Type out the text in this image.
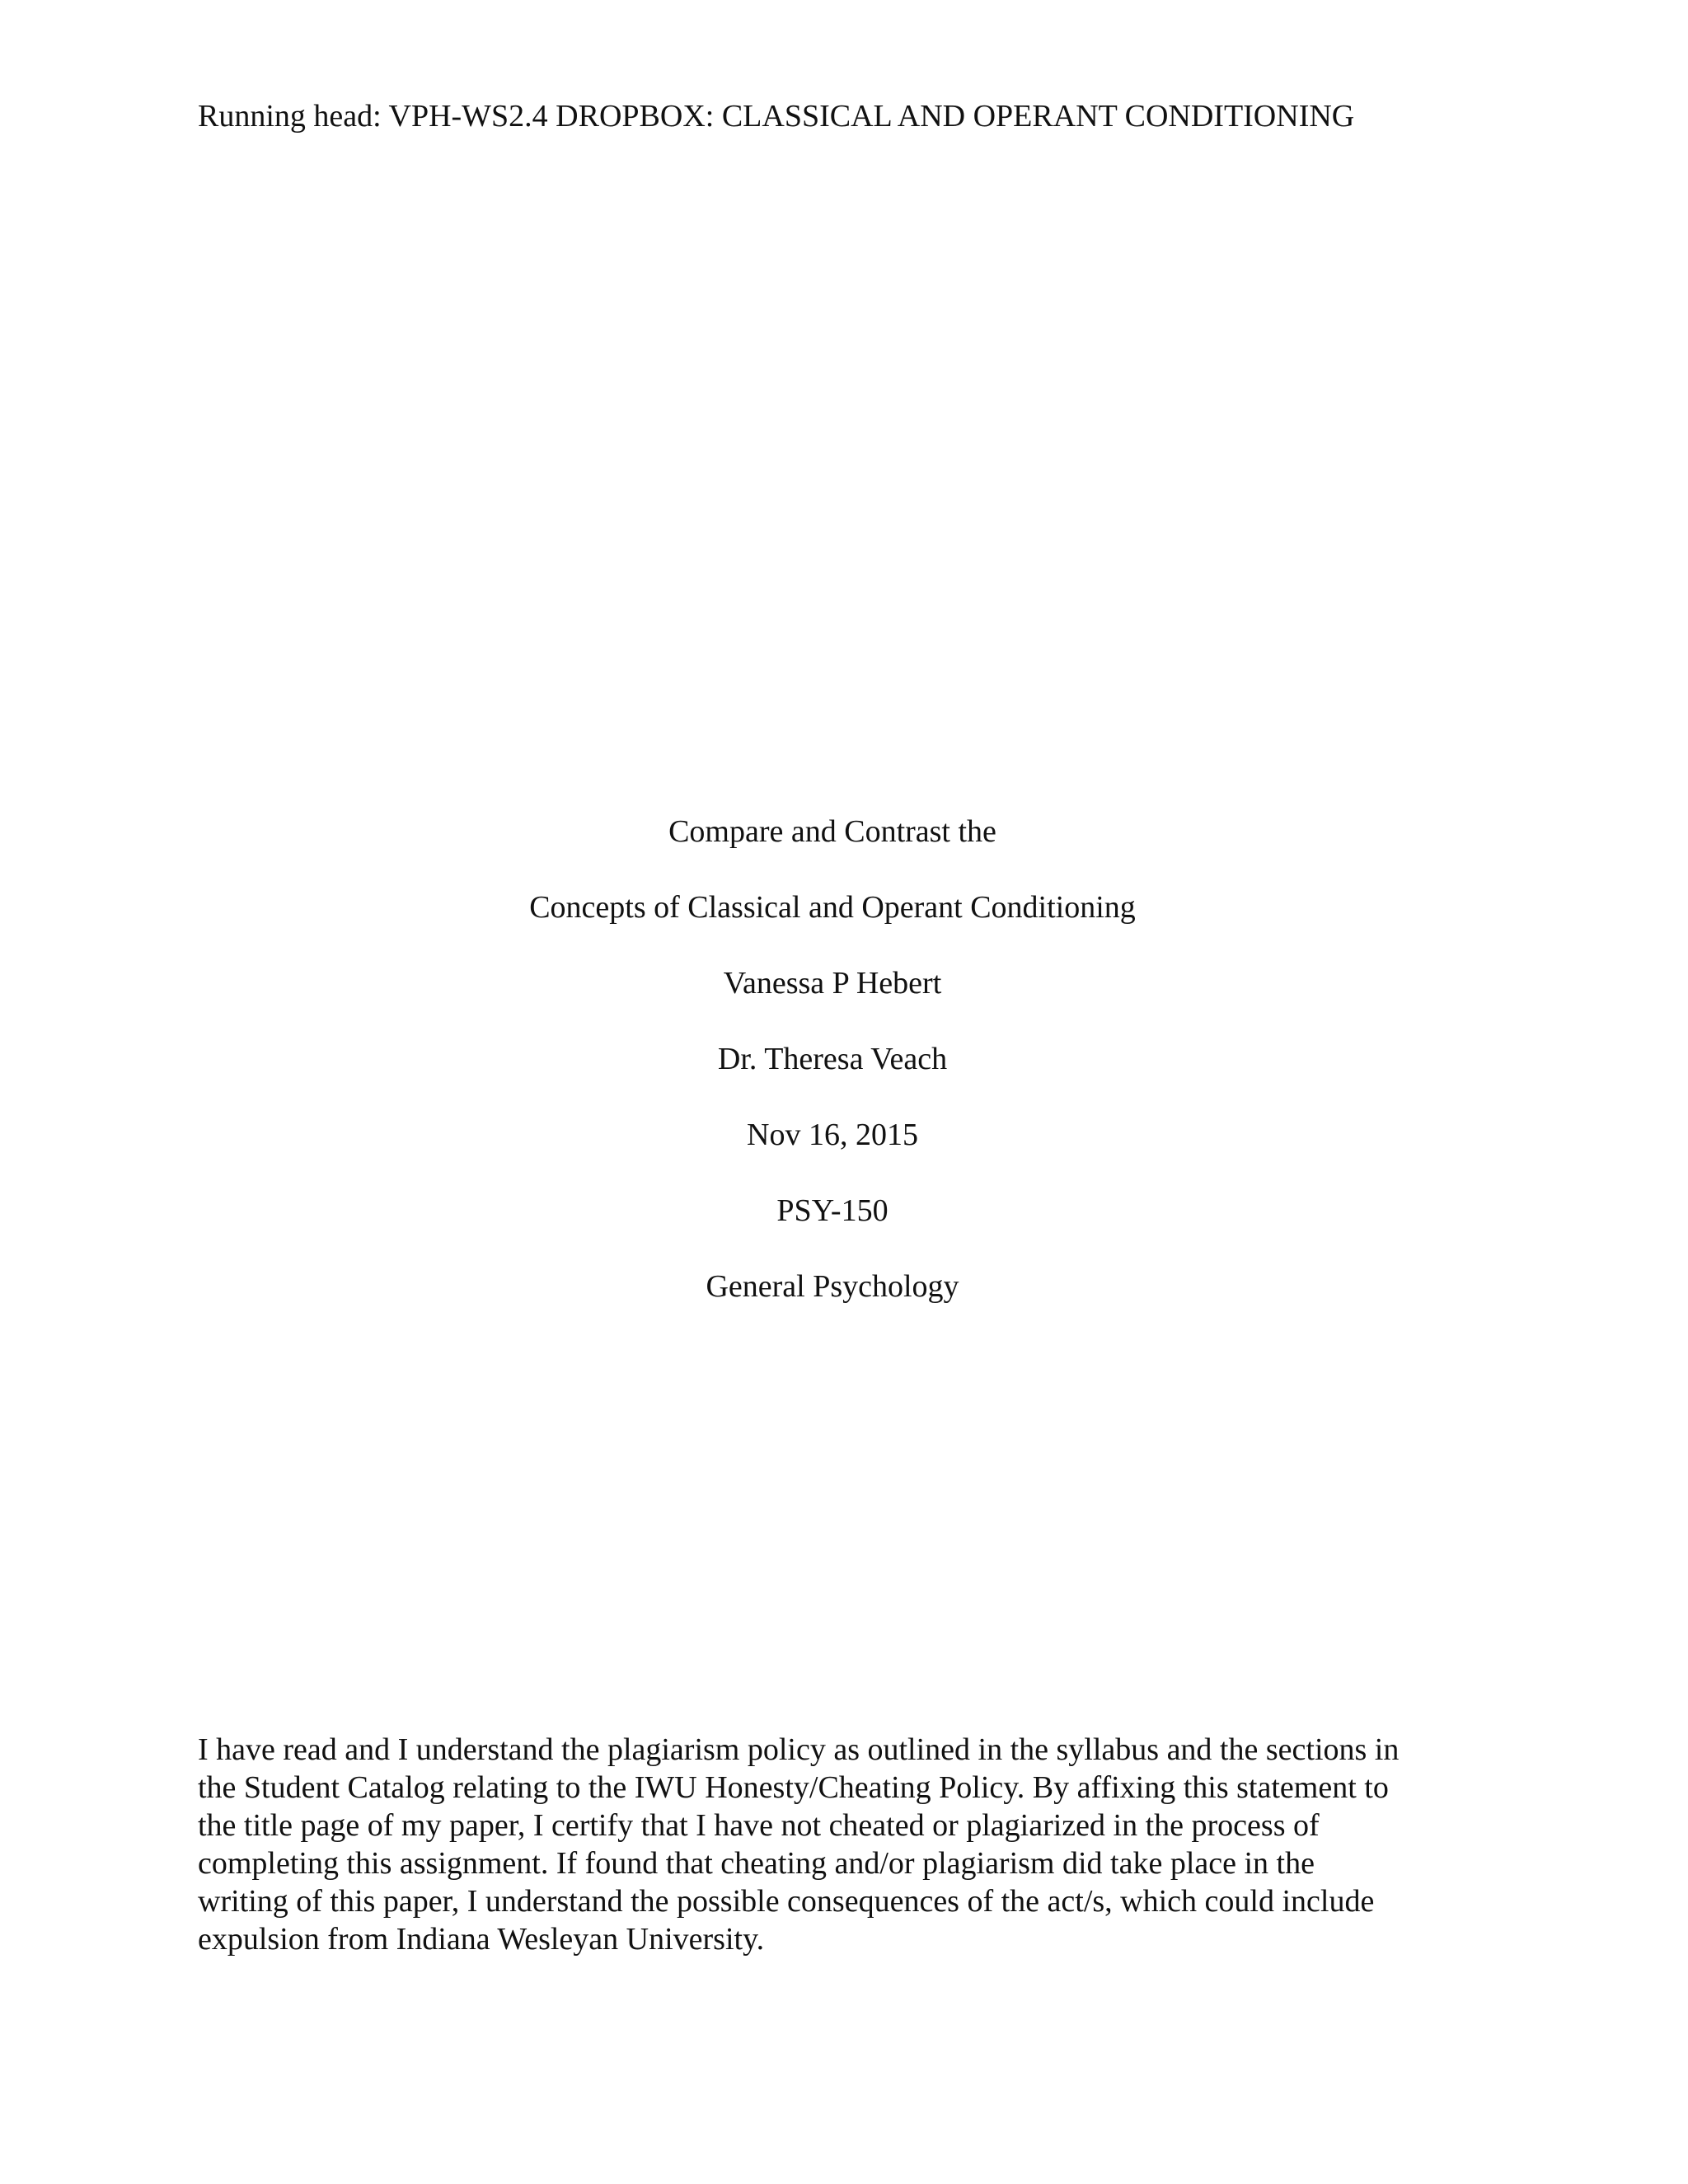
Running head: VPH-WS2.4 DROPBOX: CLASSICAL AND OPERANT CONDITIONING
Compare and Contrast the
Concepts of Classical and Operant Conditioning
Vanessa P Hebert
Dr. Theresa Veach
Nov 16, 2015
PSY-150
General Psychology
I have read and I understand the plagiarism policy as outlined in the syllabus and the sections in
the Student Catalog relating to the IWU Honesty/Cheating Policy. By affixing this statement to
the title page of my paper, I certify that I have not cheated or plagiarized in the process of
completing this assignment. If found that cheating and/or plagiarism did take place in the
writing of this paper, I understand the possible consequences of the act/s, which could include
expulsion from Indiana Wesleyan University.
